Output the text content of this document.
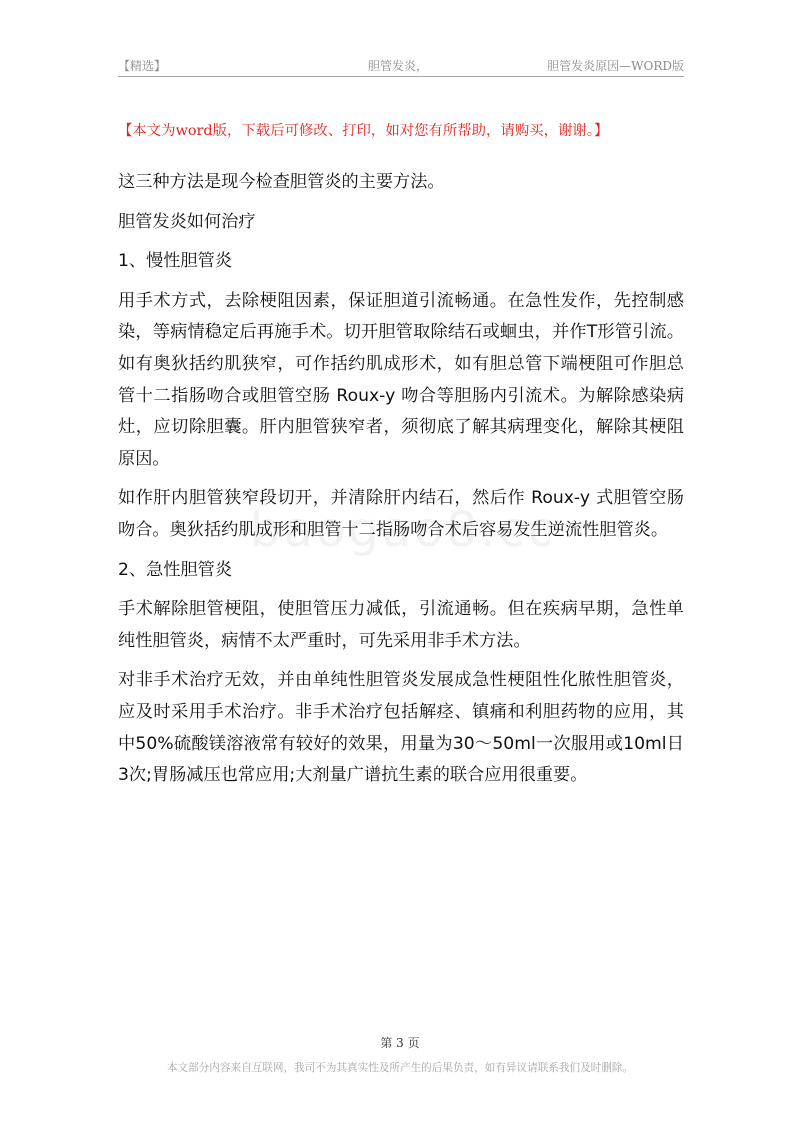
【精选】	胆管发炎，	胆管发炎原因—WORD版
【本文为word版，下载后可修改、打印，如对您有所帮助，请购买，谢谢。】
baogao8.co

这三种方法是现今检查胆管炎的主要方法。

胆管发炎如何治疗

1、慢性胆管炎

用手术方式，去除梗阻因素，保证胆道引流畅通。在急性发作，先控制感染，等病情稳定后再施手术。切开胆管取除结石或蛔虫，并作T形管引流。如有奥狄括约肌狭窄，可作括约肌成形术，如有胆总管下端梗阻可作胆总管十二指肠吻合或胆管空肠 Roux-y 吻合等胆肠内引流术。为解除感染病灶，应切除胆囊。肝内胆管狭窄者，须彻底了解其病理变化，解除其梗阻原因。

如作肝内胆管狭窄段切开，并清除肝内结石，然后作 Roux-y 式胆管空肠吻合。奥狄括约肌成形和胆管十二指肠吻合术后容易发生逆流性胆管炎。

2、急性胆管炎

手术解除胆管梗阻，使胆管压力减低，引流通畅。但在疾病早期，急性单纯性胆管炎，病情不太严重时，可先采用非手术方法。

对非手术治疗无效，并由单纯性胆管炎发展成急性梗阻性化脓性胆管炎，应及时采用手术治疗。非手术治疗包括解痉、镇痛和利胆药物的应用，其中50%硫酸镁溶液常有较好的效果，用量为30～50ml一次服用或10ml日3次;胃肠减压也常应用;大剂量广谱抗生素的联合应用很重要。

第 3 页
本文部分内容来自互联网，我司不为其真实性及所产生的后果负责，如有异议请联系我们及时删除。
